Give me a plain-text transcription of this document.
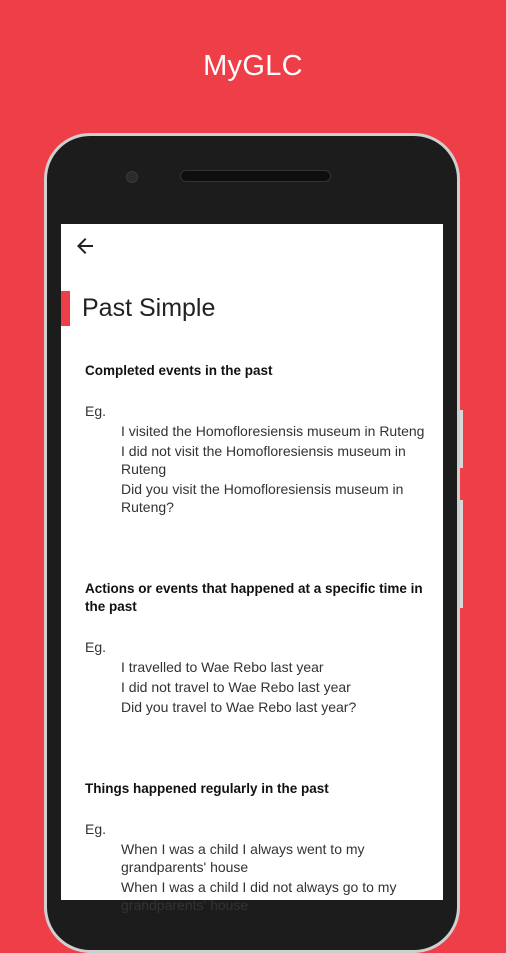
MyGLC
Past Simple

Completed events in the past

Eg.
I visited the Homofloresiensis museum in Ruteng
I did not visit the Homofloresiensis museum in Ruteng
Did you visit the Homofloresiensis museum in Ruteng?

Actions or events that happened at a specific time in the past

Eg.
I travelled to Wae Rebo last year
I did not travel to Wae Rebo last year
Did you travel to Wae Rebo last year?

Things happened regularly in the past

Eg.
When I was a child I always went to my grandparents' house
When I was a child I did not always go to my grandparents' house
